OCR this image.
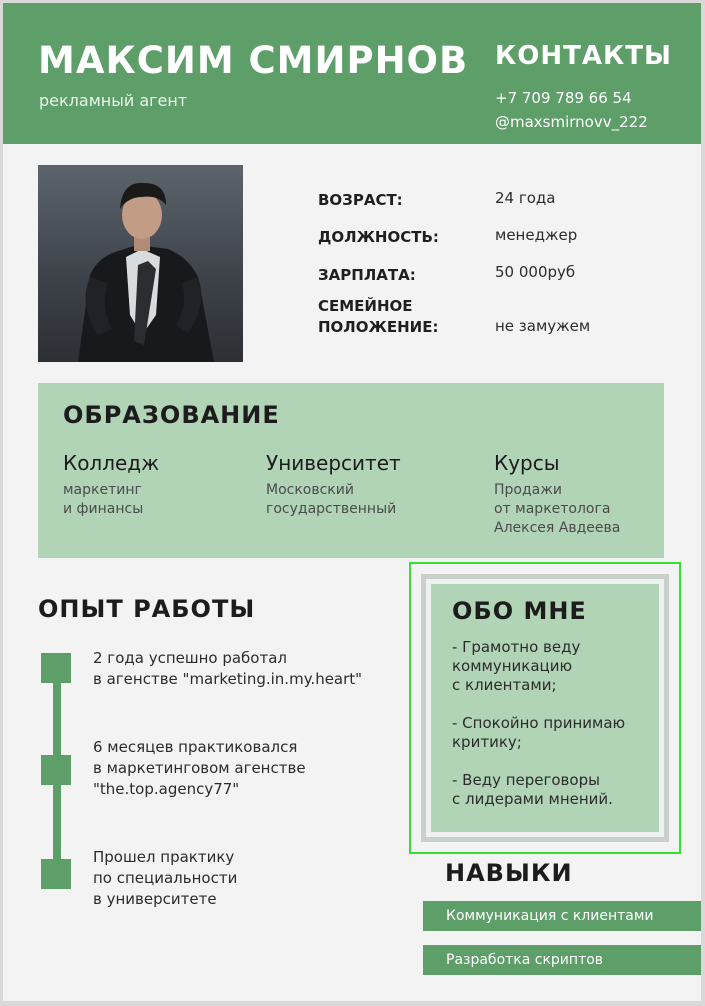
МАКСИМ СМИРНОВ
рекламный агент
КОНТАКТЫ
+7 709 789 66 54
@maxsmirnovv_222
ВОЗРАСТ:	24 года
ДОЛЖНОСТЬ:	менеджер
ЗАРПЛАТА:	50 000руб
СЕМЕЙНОЕ
ПОЛОЖЕНИЕ:	не замужем
ОБРАЗОВАНИЕ
Колледж
маркетинг
и финансы
Университет
Московский
государственный
Курсы
Продажи
от маркетолога
Алексея Авдеева
ОПЫТ РАБОТЫ
2 года успешно работал
в агенстве "marketing.in.my.heart"
6 месяцев практиковался
в маркетинговом агенстве
"the.top.agency77"
Прошел практику
по специальности
в университете
ОБО МНЕ
- Грамотно веду
коммуникацию
с клиентами;

- Спокойно принимаю
критику;

- Веду переговоры
с лидерами мнений.
НАВЫКИ
Коммуникация с клиентами
Разработка скриптов
